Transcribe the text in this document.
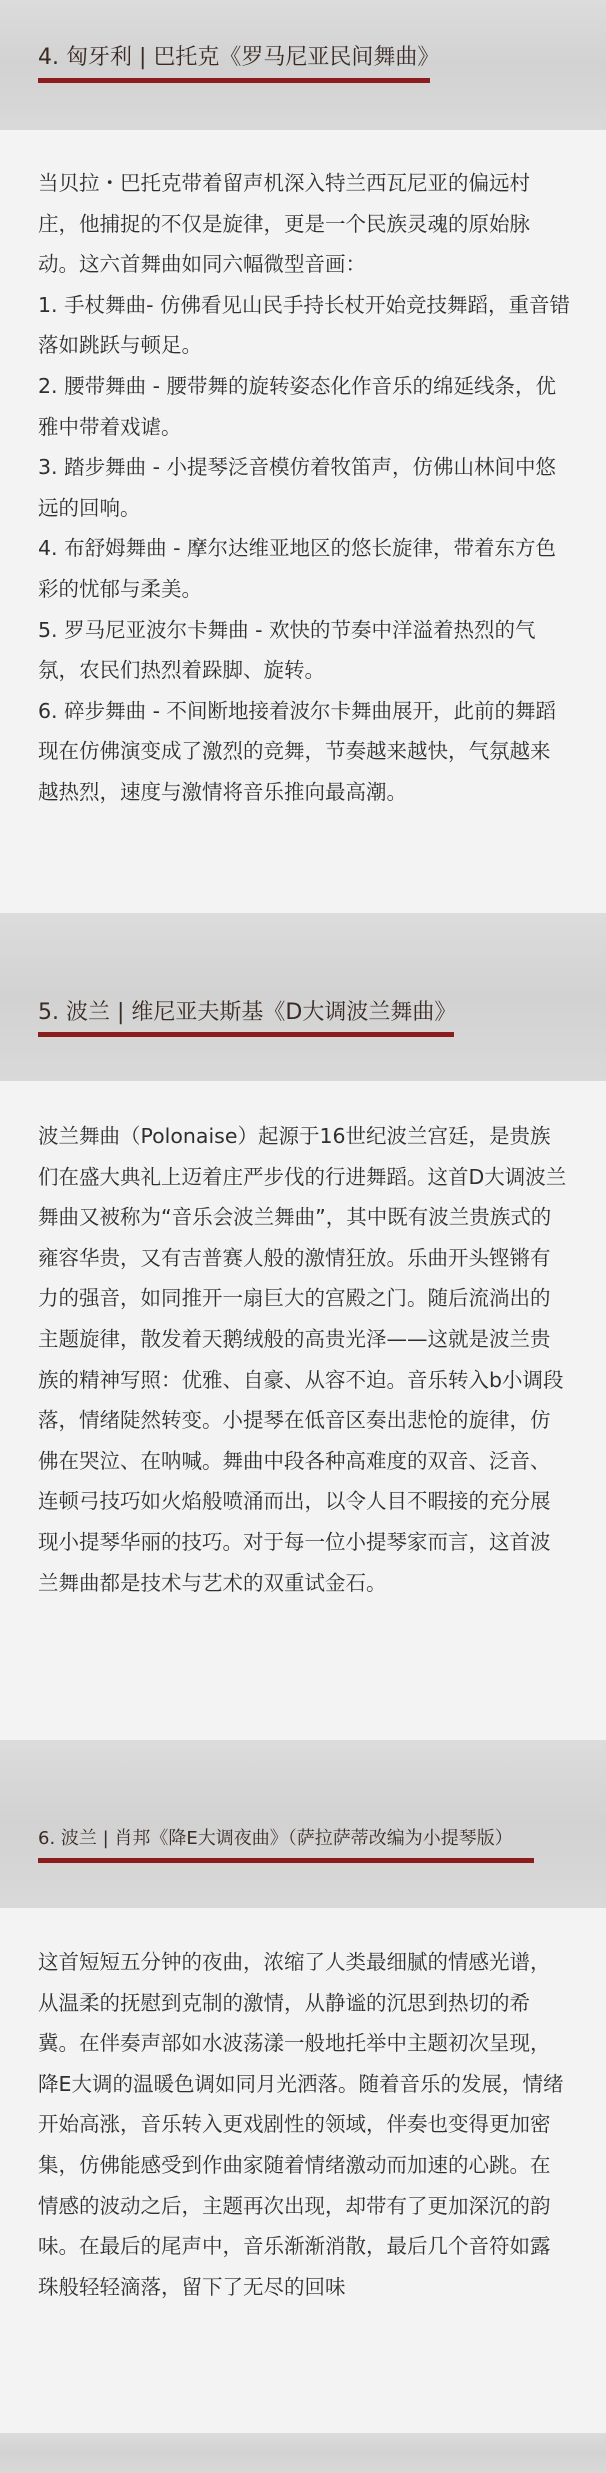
4. 匈牙利 | 巴托克《罗马尼亚民间舞曲》

当贝拉・巴托克带着留声机深入特兰西瓦尼亚的偏远村庄，他捕捉的不仅是旋律，更是一个民族灵魂的原始脉动。这六首舞曲如同六幅微型音画：

1. 手杖舞曲- 仿佛看见山民手持长杖开始竞技舞蹈，重音错落如跳跃与顿足。

2. 腰带舞曲 - 腰带舞的旋转姿态化作音乐的绵延线条，优雅中带着戏谑。

3. 踏步舞曲 - 小提琴泛音模仿着牧笛声，仿佛山林间中悠远的回响。

4. 布舒姆舞曲 - 摩尔达维亚地区的悠长旋律，带着东方色彩的忧郁与柔美。

5. 罗马尼亚波尔卡舞曲 - 欢快的节奏中洋溢着热烈的气氛，农民们热烈着跺脚、旋转。

6. 碎步舞曲 - 不间断地接着波尔卡舞曲展开，此前的舞蹈现在仿佛演变成了激烈的竞舞，节奏越来越快，气氛越来越热烈，速度与激情将音乐推向最高潮。

5. 波兰 | 维尼亚夫斯基《D大调波兰舞曲》

波兰舞曲（Polonaise）起源于16世纪波兰宫廷，是贵族们在盛大典礼上迈着庄严步伐的行进舞蹈。这首D大调波兰舞曲又被称为“音乐会波兰舞曲”，其中既有波兰贵族式的雍容华贵，又有吉普赛人般的激情狂放。乐曲开头铿锵有力的强音，如同推开一扇巨大的宫殿之门。随后流淌出的主题旋律，散发着天鹅绒般的高贵光泽——这就是波兰贵族的精神写照：优雅、自豪、从容不迫。音乐转入b小调段落，情绪陡然转变。小提琴在低音区奏出悲怆的旋律，仿佛在哭泣、在呐喊。舞曲中段各种高难度的双音、泛音、连顿弓技巧如火焰般喷涌而出，以令人目不暇接的充分展现小提琴华丽的技巧。对于每一位小提琴家而言，这首波兰舞曲都是技术与艺术的双重试金石。

6. 波兰 | 肖邦《降E大调夜曲》（萨拉萨蒂改编为小提琴版）

这首短短五分钟的夜曲，浓缩了人类最细腻的情感光谱，从温柔的抚慰到克制的激情，从静谧的沉思到热切的希冀。在伴奏声部如水波荡漾一般地托举中主题初次呈现，降E大调的温暖色调如同月光洒落。随着音乐的发展，情绪开始高涨，音乐转入更戏剧性的领域，伴奏也变得更加密集，仿佛能感受到作曲家随着情绪激动而加速的心跳。在情感的波动之后，主题再次出现，却带有了更加深沉的韵味。在最后的尾声中，音乐渐渐消散，最后几个音符如露珠般轻轻滴落，留下了无尽的回味
